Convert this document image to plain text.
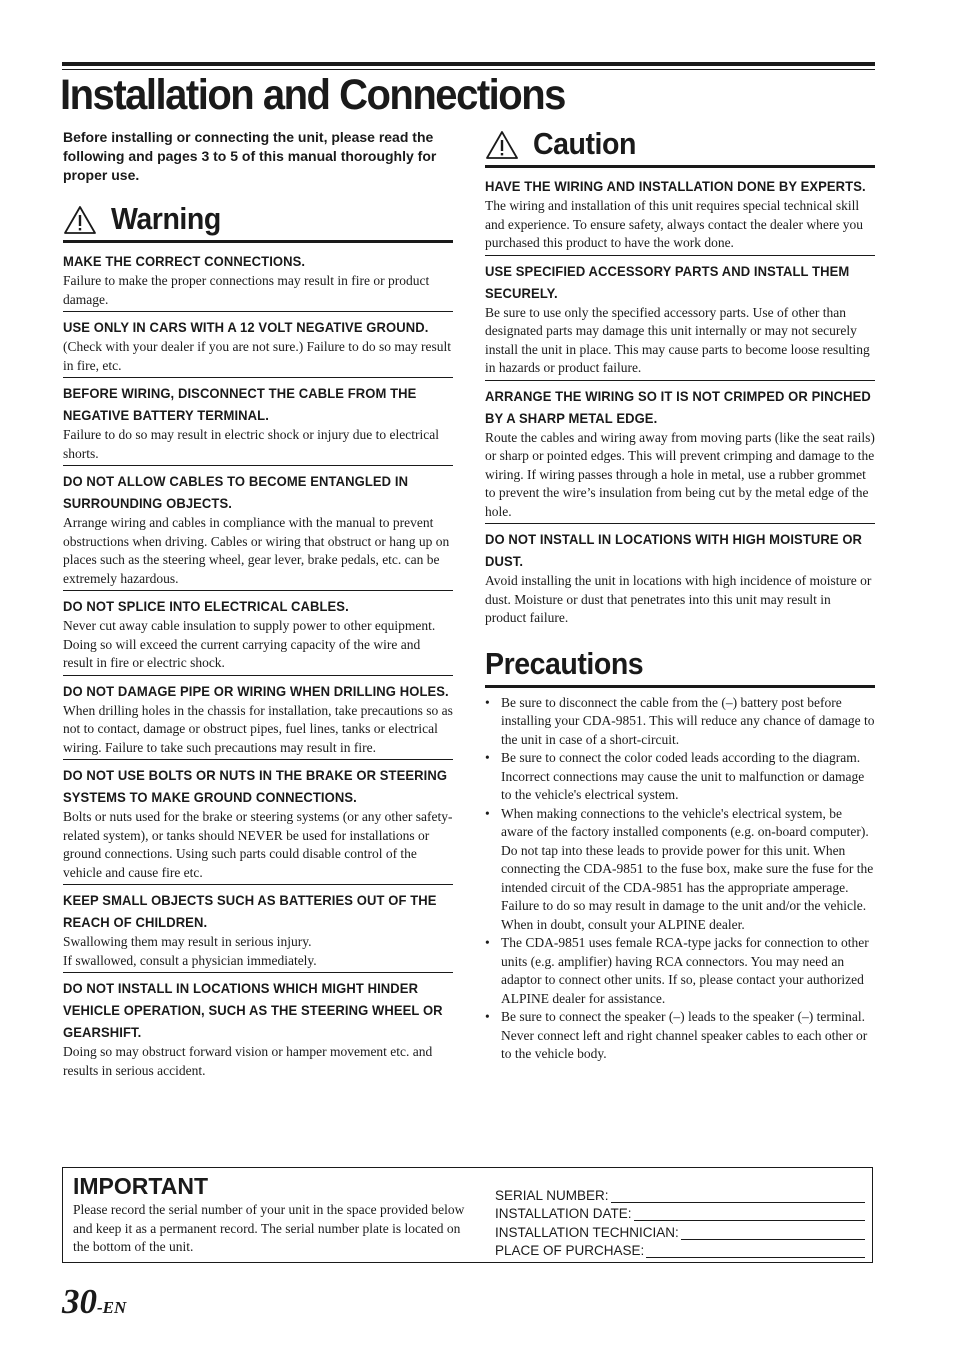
Installation and Connections

Before installing or connecting the unit, please read the following and pages 3 to 5 of this manual thoroughly for proper use.

Warning
MAKE THE CORRECT CONNECTIONS.
Failure to make the proper connections may result in fire or product damage.
USE ONLY IN CARS WITH A 12 VOLT NEGATIVE GROUND.
(Check with your dealer if you are not sure.) Failure to do so may result in fire, etc.
BEFORE WIRING, DISCONNECT THE CABLE FROM THE NEGATIVE BATTERY TERMINAL.
Failure to do so may result in electric shock or injury due to electrical shorts.
DO NOT ALLOW CABLES TO BECOME ENTANGLED IN SURROUNDING OBJECTS.
Arrange wiring and cables in compliance with the manual to prevent obstructions when driving. Cables or wiring that obstruct or hang up on places such as the steering wheel, gear lever, brake pedals, etc. can be extremely hazardous.
DO NOT SPLICE INTO ELECTRICAL CABLES.
Never cut away cable insulation to supply power to other equipment. Doing so will exceed the current carrying capacity of the wire and result in fire or electric shock.
DO NOT DAMAGE PIPE OR WIRING WHEN DRILLING HOLES.
When drilling holes in the chassis for installation, take precautions so as not to contact, damage or obstruct pipes, fuel lines, tanks or electrical wiring. Failure to take such precautions may result in fire.
DO NOT USE BOLTS OR NUTS IN THE BRAKE OR STEERING SYSTEMS TO MAKE GROUND CONNECTIONS.
Bolts or nuts used for the brake or steering systems (or any other safety-related system), or tanks should NEVER be used for installations or ground connections. Using such parts could disable control of the vehicle and cause fire etc.
KEEP SMALL OBJECTS SUCH AS BATTERIES OUT OF THE REACH OF CHILDREN.
Swallowing them may result in serious injury.
If swallowed, consult a physician immediately.
DO NOT INSTALL IN LOCATIONS WHICH MIGHT HINDER VEHICLE OPERATION, SUCH AS THE STEERING WHEEL OR GEARSHIFT.
Doing so may obstruct forward vision or hamper movement etc. and results in serious accident.
Caution
HAVE THE WIRING AND INSTALLATION DONE BY EXPERTS.
The wiring and installation of this unit requires special technical skill and experience. To ensure safety, always contact the dealer where you purchased this product to have the work done.
USE SPECIFIED ACCESSORY PARTS AND INSTALL THEM SECURELY.
Be sure to use only the specified accessory parts. Use of other than designated parts may damage this unit internally or may not securely install the unit in place. This may cause parts to become loose resulting in hazards or product failure.
ARRANGE THE WIRING SO IT IS NOT CRIMPED OR PINCHED BY A SHARP METAL EDGE.
Route the cables and wiring away from moving parts (like the seat rails) or sharp or pointed edges. This will prevent crimping and damage to the wiring. If wiring passes through a hole in metal, use a rubber grommet to prevent the wire’s insulation from being cut by the metal edge of the hole.
DO NOT INSTALL IN LOCATIONS WITH HIGH MOISTURE OR DUST.
Avoid installing the unit in locations with high incidence of moisture or dust. Moisture or dust that penetrates into this unit may result in product failure.
Precautions
• Be sure to disconnect the cable from the (–) battery post before installing your CDA-9851. This will reduce any chance of damage to the unit in case of a short-circuit.
• Be sure to connect the color coded leads according to the diagram. Incorrect connections may cause the unit to malfunction or damage to the vehicle's electrical system.
• When making connections to the vehicle's electrical system, be aware of the factory installed components (e.g. on-board computer). Do not tap into these leads to provide power for this unit. When connecting the CDA-9851 to the fuse box, make sure the fuse for the intended circuit of the CDA-9851 has the appropriate amperage. Failure to do so may result in damage to the unit and/or the vehicle. When in doubt, consult your ALPINE dealer.
• The CDA-9851 uses female RCA-type jacks for connection to other units (e.g. amplifier) having RCA connectors. You may need an adaptor to connect other units. If so, please contact your authorized ALPINE dealer for assistance.
• Be sure to connect the speaker (–) leads to the speaker (–) terminal. Never connect left and right channel speaker cables to each other or to the vehicle body.
IMPORTANT
Please record the serial number of your unit in the space provided below and keep it as a permanent record. The serial number plate is located on the bottom of the unit.
SERIAL NUMBER:
INSTALLATION DATE:
INSTALLATION TECHNICIAN:
PLACE OF PURCHASE:
30-EN
